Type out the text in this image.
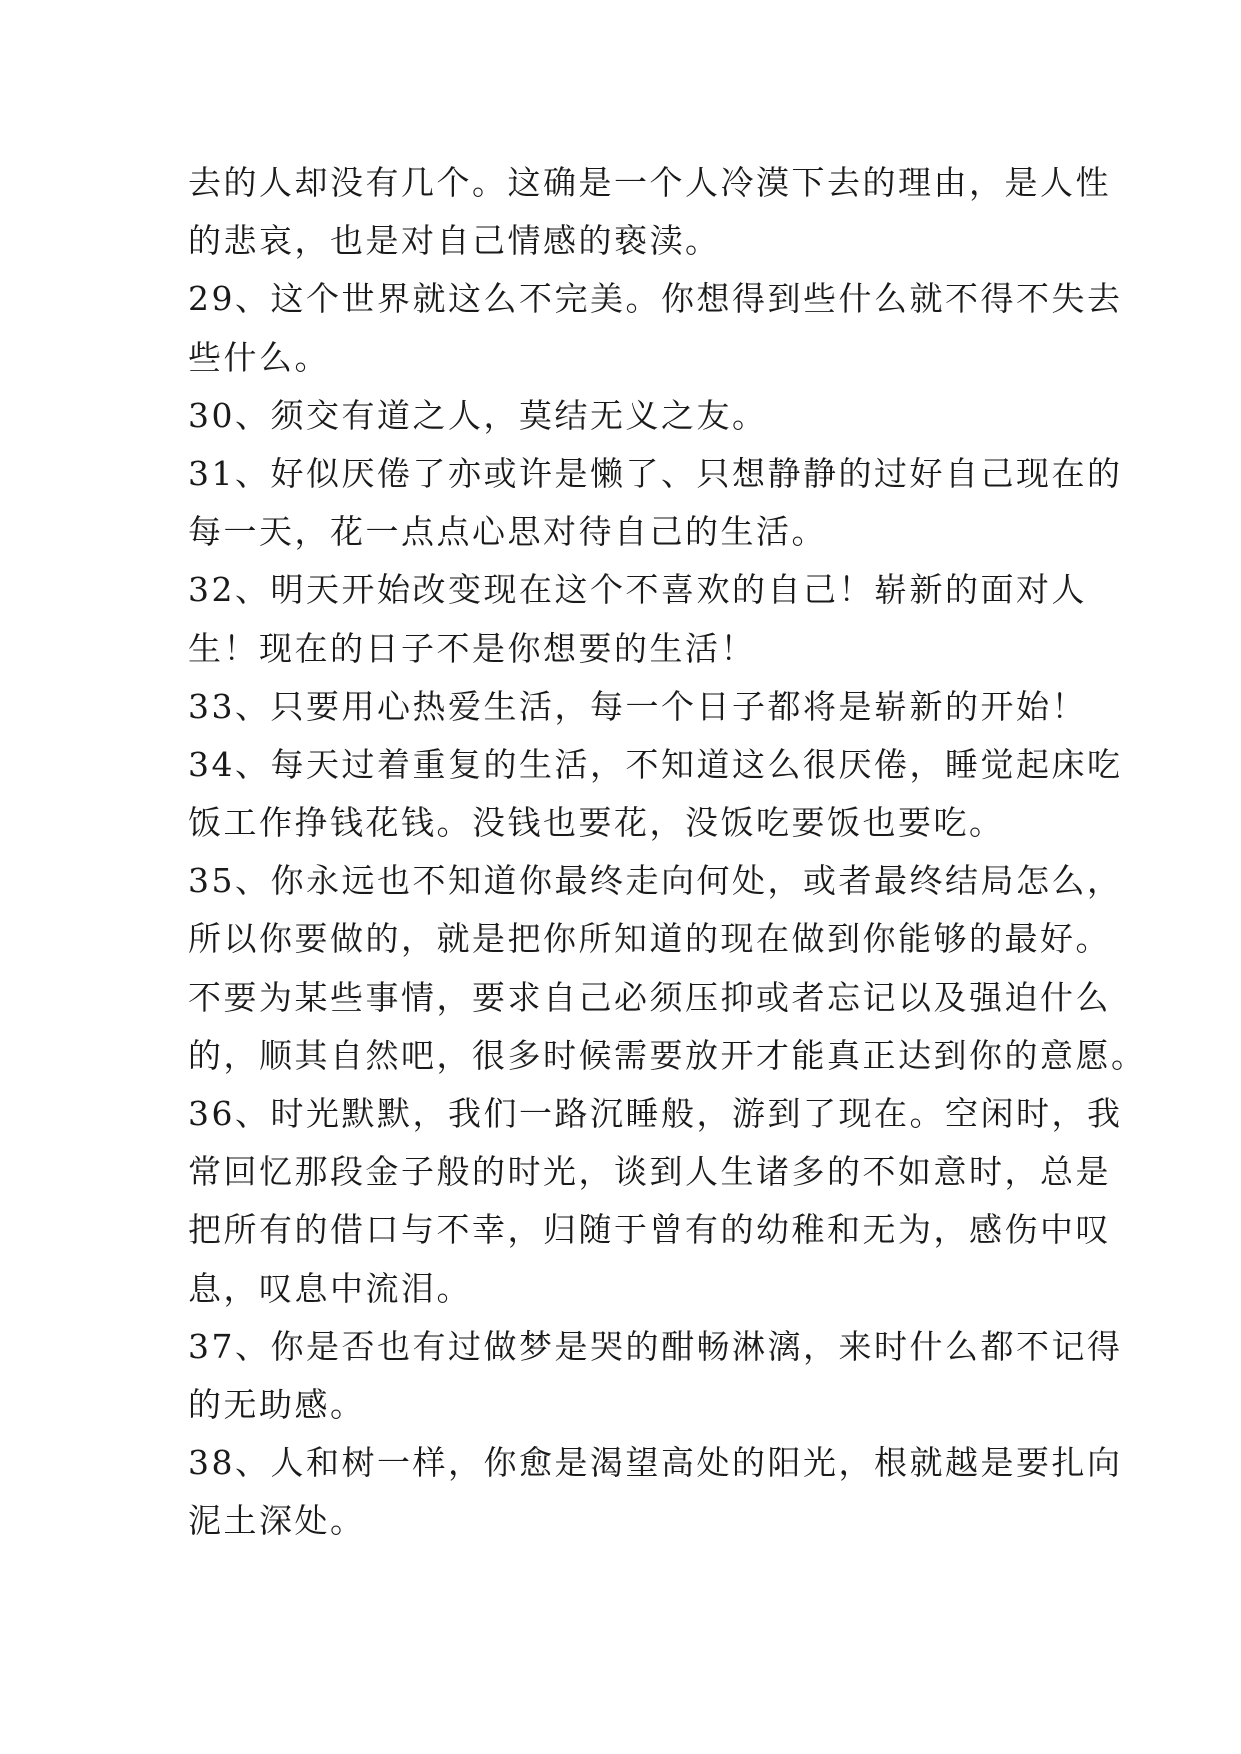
去的人却没有几个。这确是一个人冷漠下去的理由，是人性
的悲哀，也是对自己情感的亵渎。
29、这个世界就这么不完美。你想得到些什么就不得不失去
些什么。
30、须交有道之人，莫结无义之友。
31、好似厌倦了亦或许是懒了、只想静静的过好自己现在的
每一天，花一点点心思对待自己的生活。
32、明天开始改变现在这个不喜欢的自己！崭新的面对人
生！现在的日子不是你想要的生活！
33、只要用心热爱生活，每一个日子都将是崭新的开始！
34、每天过着重复的生活，不知道这么很厌倦，睡觉起床吃
饭工作挣钱花钱。没钱也要花，没饭吃要饭也要吃。
35、你永远也不知道你最终走向何处，或者最终结局怎么，
所以你要做的，就是把你所知道的现在做到你能够的最好。
不要为某些事情，要求自己必须压抑或者忘记以及强迫什么
的，顺其自然吧，很多时候需要放开才能真正达到你的意愿。
36、时光默默，我们一路沉睡般，游到了现在。空闲时，我
常回忆那段金子般的时光，谈到人生诸多的不如意时，总是
把所有的借口与不幸，归随于曾有的幼稚和无为，感伤中叹
息，叹息中流泪。
37、你是否也有过做梦是哭的酣畅淋漓，来时什么都不记得
的无助感。
38、人和树一样，你愈是渴望高处的阳光，根就越是要扎向
泥土深处。
